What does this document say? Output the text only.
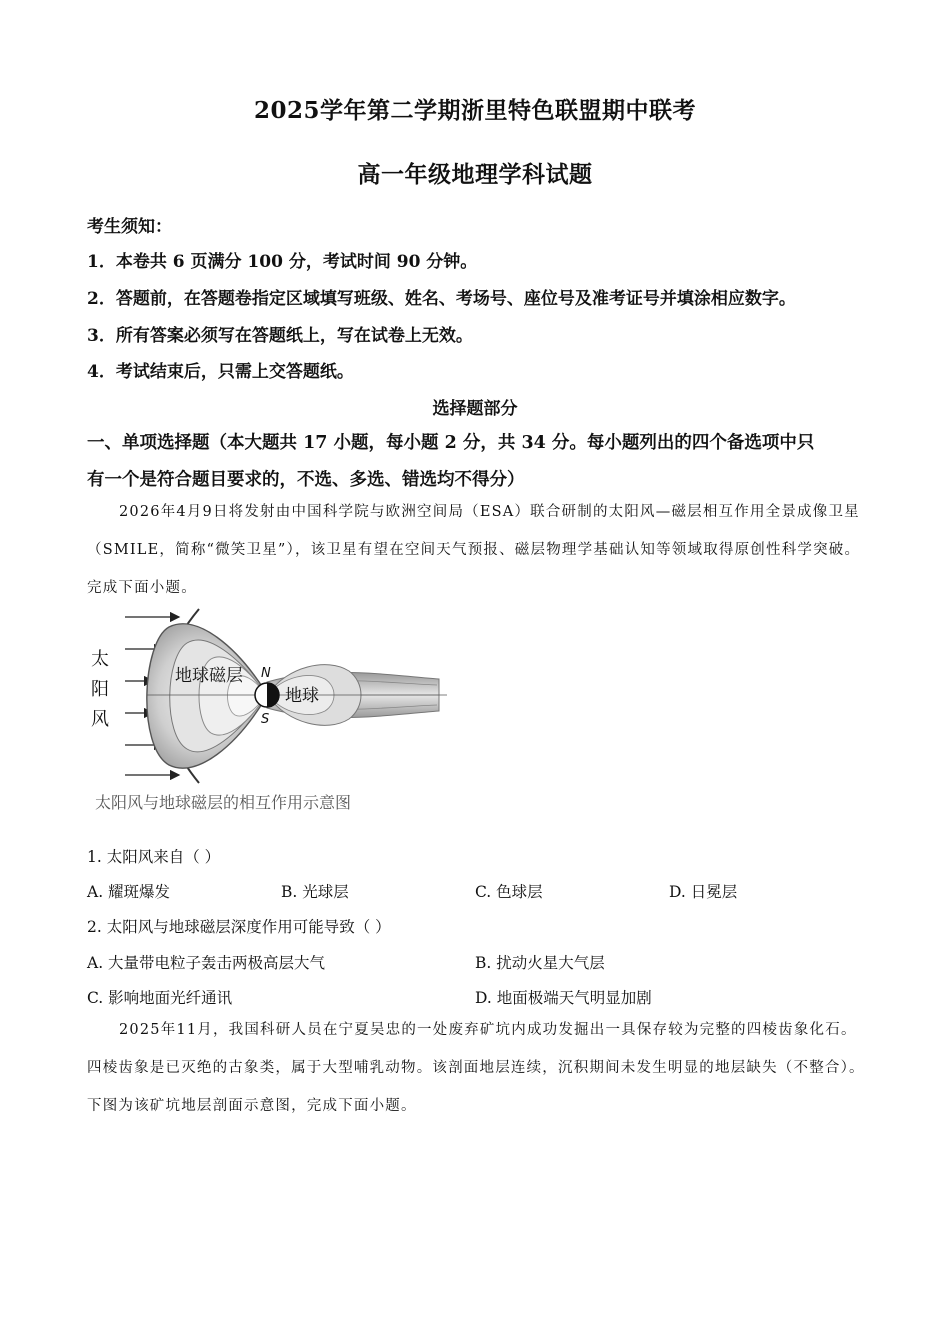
2025学年第二学期浙里特色联盟期中联考
高一年级地理学科试题
考生须知：
1．本卷共 6 页满分 100 分，考试时间 90 分钟。
2．答题前，在答题卷指定区域填写班级、姓名、考场号、座位号及准考证号并填涂相应数字。
3．所有答案必须写在答题纸上，写在试卷上无效。
4．考试结束后，只需上交答题纸。
选择题部分
一、单项选择题（本大题共 17 小题，每小题 2 分，共 34 分。每小题列出的四个备选项中只
有一个是符合题目要求的，不选、多选、错选均不得分）
2026年4月9日将发射由中国科学院与欧洲空间局（ESA）联合研制的太阳风—磁层相互作用全景成像卫星（SMILE，简称“微笑卫星”），该卫星有望在空间天气预报、磁层物理学基础认知等领域取得原创性科学突破。完成下面小题。
地球磁层
地球
N
S
太
阳
风
太阳风与地球磁层的相互作用示意图
1. 太阳风来自（ ）
A. 耀斑爆发	B. 光球层	C. 色球层	D. 日冕层
2. 太阳风与地球磁层深度作用可能导致（ ）
A. 大量带电粒子轰击两极高层大气	B. 扰动火星大气层
C. 影响地面光纤通讯	D. 地面极端天气明显加剧
2025年11月，我国科研人员在宁夏吴忠的一处废弃矿坑内成功发掘出一具保存较为完整的四棱齿象化石。四棱齿象是已灭绝的古象类，属于大型哺乳动物。该剖面地层连续，沉积期间未发生明显的地层缺失（不整合）。下图为该矿坑地层剖面示意图，完成下面小题。
